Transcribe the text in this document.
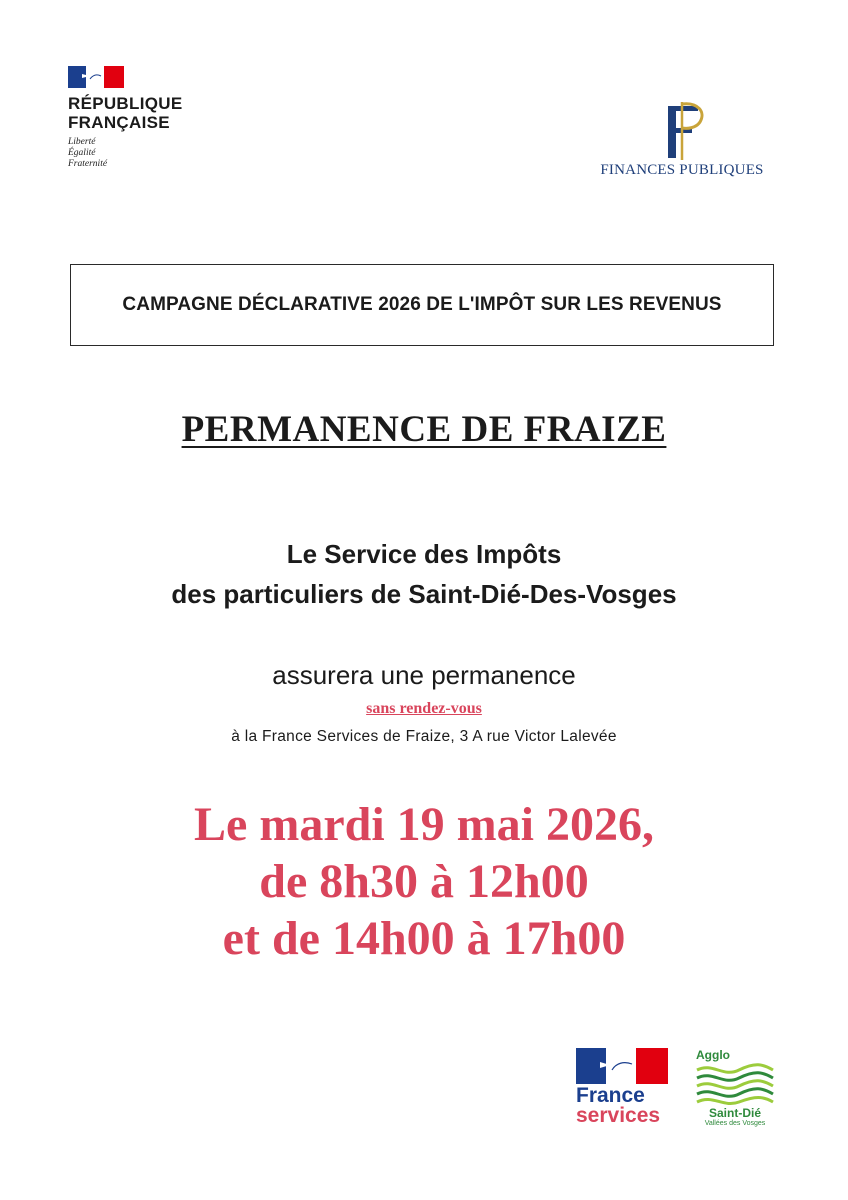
RÉPUBLIQUE
FRANÇAISE
Liberté
Égalité
Fraternité	FINANCES PUBLIQUES
CAMPAGNE DÉCLARATIVE 2026 DE L'IMPÔT SUR LES REVENUS
PERMANENCE DE FRAIZE
Le Service des Impôts
des particuliers de Saint-Dié-Des-Vosges
assurera une permanence
sans rendez-vous
à la France Services de Fraize, 3 A rue Victor Lalevée
Le mardi 19 mai 2026,
de 8h30 à 12h00
et de 14h00 à 17h00
France
services
Agglo
Saint-Dié
Vallées des Vosges
